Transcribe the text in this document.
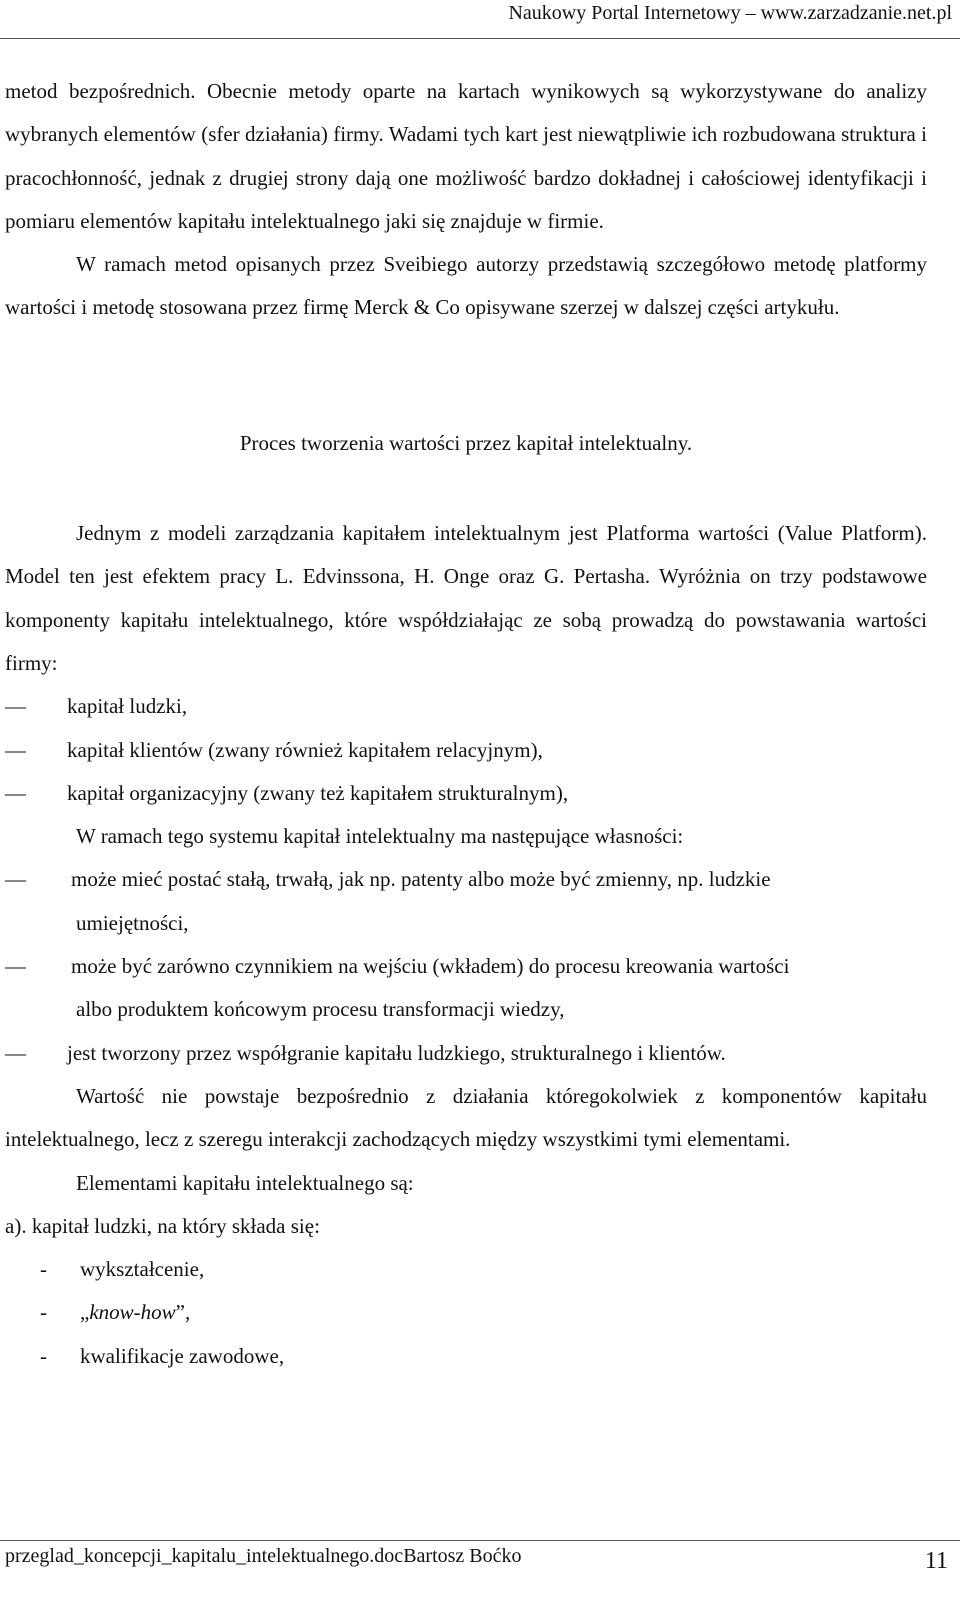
Naukowy Portal Internetowy – www.zarzadzanie.net.pl

metod bezpośrednich. Obecnie metody oparte na kartach wynikowych są wykorzystywane do analizy wybranych elementów (sfer działania) firmy. Wadami tych kart jest niewątpliwie ich rozbudowana struktura i pracochłonność, jednak z drugiej strony dają one możliwość bardzo dokładnej i całościowej identyfikacji i pomiaru elementów kapitału intelektualnego jaki się znajduje w firmie.

W ramach metod opisanych przez Sveibiego autorzy przedstawią szczegółowo metodę platformy wartości i metodę stosowana przez firmę Merck & Co opisywane szerzej w dalszej części artykułu.

Proces tworzenia wartości przez kapitał intelektualny.

Jednym z modeli zarządzania kapitałem intelektualnym jest Platforma wartości (Value Platform). Model ten jest efektem pracy L. Edvinssona, H. Onge oraz G. Pertasha. Wyróżnia on trzy podstawowe komponenty kapitału intelektualnego, które współdziałając ze sobą prowadzą do powstawania wartości firmy:

— kapitał ludzki,
— kapitał klientów (zwany również kapitałem relacyjnym),
— kapitał organizacyjny (zwany też kapitałem strukturalnym),

W ramach tego systemu kapitał intelektualny ma następujące własności:

— może mieć postać stałą, trwałą, jak np. patenty albo może być zmienny, np. ludzkie
umiejętności,
— może być zarówno czynnikiem na wejściu (wkładem) do procesu kreowania wartości
albo produktem końcowym procesu transformacji wiedzy,
— jest tworzony przez współgranie kapitału ludzkiego, strukturalnego i klientów.

Wartość nie powstaje bezpośrednio z działania któregokolwiek z komponentów kapitału intelektualnego, lecz z szeregu interakcji zachodzących między wszystkimi tymi elementami.

Elementami kapitału intelektualnego są:

a). kapitał ludzki, na który składa się:

- wykształcenie,
- „know-how”,
- kwalifikacje zawodowe,
przeglad_koncepcji_kapitalu_intelektualnego.docBartosz Boćko	11
